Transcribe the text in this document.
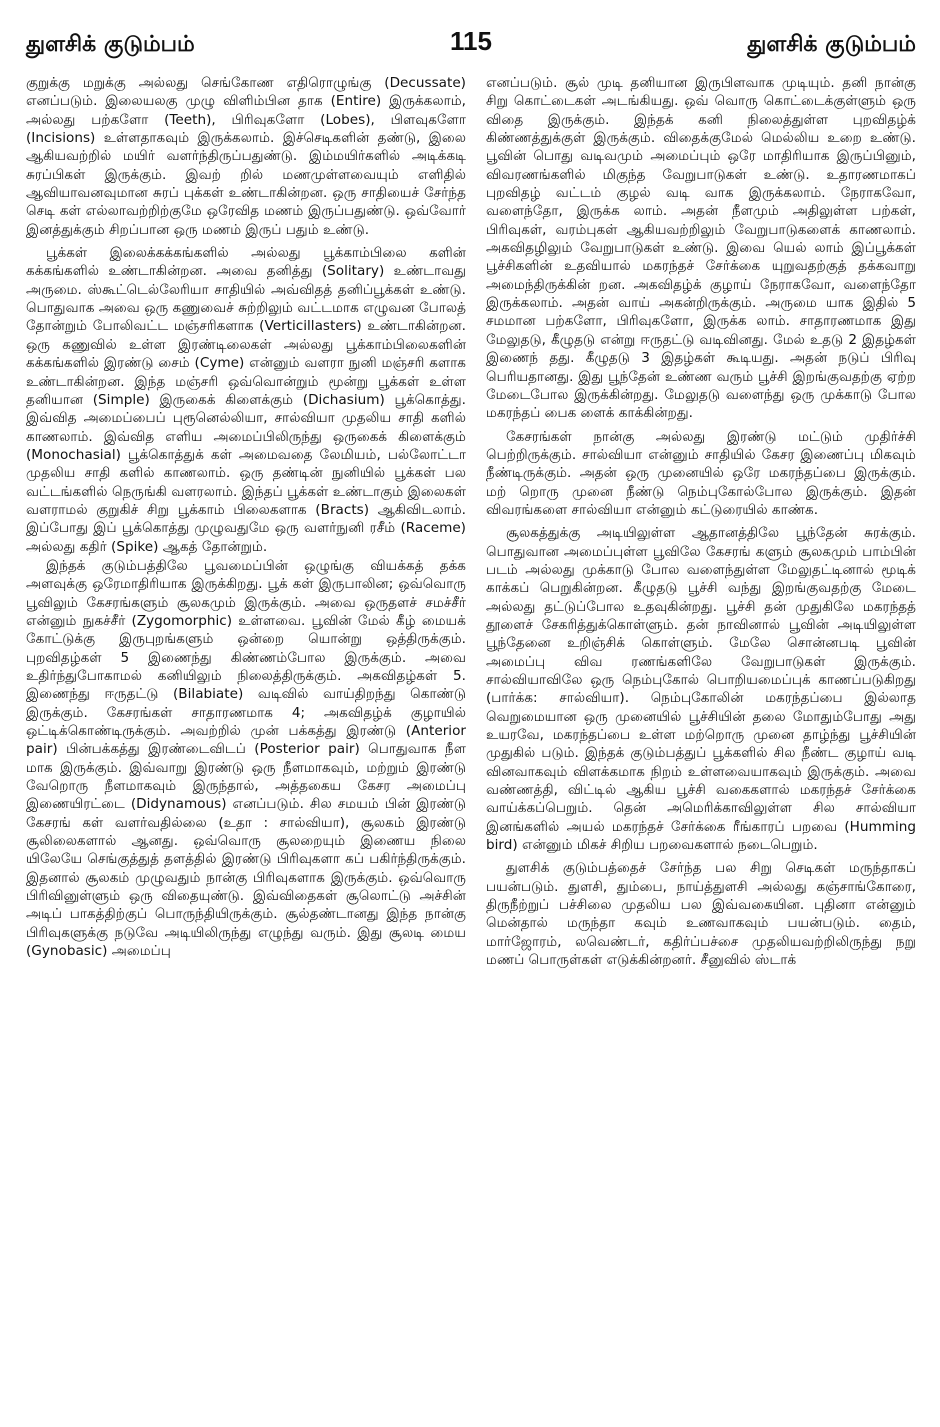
துளசிக் குடும்பம்	115	துளசிக் குடும்பம்

குறுக்கு மறுக்கு அல்லது செங்கோண எதிரொழுங்கு (Decussate) எனப்படும். இலையலகு முழு விளிம்பின தாக (Entire) இருக்கலாம், அல்லது பற்களோ (Teeth), பிரிவுகளோ (Lobes), பிளவுகளோ (Incisions) உள்ளதாகவும் இருக்கலாம். இச்செடிகளின் தண்டு, இலை ஆகியவற்றில் மயிர் வளர்ந்திருப்பதுண்டு. இம்மயிர்களில் அடிக்கடி சுரப்பிகள் இருக்கும். இவற் றில் மணமுள்ளவையும் எளிதில் ஆவியாவனவுமான சுரப் புக்கள் உண்டாகின்றன. ஒரு சாதியைச் சேர்ந்த செடி கள் எல்லாவற்றிற்குமே ஒரேவித மணம் இருப்பதுண்டு. ஒவ்வோர் இனத்துக்கும் சிறப்பான ஒரு மணம் இருப் பதும் உண்டு.

பூக்கள் இலைக்கக்கங்களில் அல்லது பூக்காம்பிலை களின் கக்கங்களில் உண்டாகின்றன. அவை தனித்து (Solitary) உண்டாவது அருமை. ஸ்கூட்டெல்லேரியா சாதியில் அவ்விதத் தனிப்பூக்கள் உண்டு. பொதுவாக அவை ஒரு கணுவைச் சுற்றிலும் வட்டமாக எழுவன போலத் தோன்றும் போலிவட்ட மஞ்சரிகளாக (Verticillasters) உண்டாகின்றன. ஒரு கணுவில் உள்ள இரண்டிலைகள் அல்லது பூக்காம்பிலைகளின் கக்கங்களில் இரண்டு சைம் (Cyme) என்னும் வளரா நுனி மஞ்சரி களாக உண்டாகின்றன. இந்த மஞ்சரி ஒவ்வொன்றும் மூன்று பூக்கள் உள்ள தனியான (Simple) இருகைக் கிளைக்கும் (Dichasium) பூக்கொத்து. இவ்வித அமைப்பைப் புரூனெல்லியா, சால்வியா முதலிய சாதி களில் காணலாம். இவ்வித எளிய அமைப்பிலிருந்து ஒருகைக் கிளைக்கும் (Monochasial) பூக்கொத்துக் கள் அமைவதை லேமியம், பல்லோட்டா முதலிய சாதி களில் காணலாம். ஒரு தண்டின் நுனியில் பூக்கள் பல வட்டங்களில் நெருங்கி வளரலாம். இந்தப் பூக்கள் உண்டாகும் இலைகள் வளராமல் குறுகிச் சிறு பூக்காம் பிலைகளாக (Bracts) ஆகிவிடலாம். இப்போது இப் பூக்கொத்து முழுவதுமே ஒரு வளர்நுனி ரசீம் (Raceme) அல்லது கதிர் (Spike) ஆகத் தோன்றும்.

இந்தக் குடும்பத்திலே பூவமைப்பின் ஒழுங்கு வியக்கத் தக்க அளவுக்கு ஒரேமாதிரியாக இருக்கிறது. பூக் கள் இருபாலின; ஒவ்வொரு பூவிலும் கேசரங்களும் சூலகமும் இருக்கும். அவை ஒருதளச் சமச்சீர் என்னும் நுகச்சீர் (Zygomorphic) உள்ளவை. பூவின் மேல் கீழ் மையக் கோட்டுக்கு இருபுறங்களும் ஒன்றை யொன்று ஒத்திருக்கும். புறவிதழ்கள் 5 இணைந்து கிண்ணம்போல இருக்கும். அவை உதிர்ந்துபோகாமல் கனியிலும் நிலைத்திருக்கும். அகவிதழ்கள் 5. இணைந்து ஈருதட்டு (Bilabiate) வடிவில் வாய்திறந்து கொண்டு இருக்கும். கேசரங்கள் சாதாரணமாக 4; அகவிதழ்க் குழாயில் ஒட்டிக்கொண்டிருக்கும். அவற்றில் முன் பக்கத்து இரண்டு (Anterior pair) பின்பக்கத்து இரண்டைவிடப் (Posterior pair) பொதுவாக நீள மாக இருக்கும். இவ்வாறு இரண்டு ஒரு நீளமாகவும், மற்றும் இரண்டு வேறொரு நீளமாகவும் இருந்தால், அத்தகைய கேசர அமைப்பு இணையிரட்டை (Didynamous) எனப்படும். சில சமயம் பின் இரண்டு கேசரங் கள் வளர்வதில்லை (உதா : சால்வியா), சூலகம் இரண்டு சூலிலைகளால் ஆனது. ஒவ்வொரு சூலறையும் இணைய நிலை யிலேயே செங்குத்துத் தளத்தில் இரண்டு பிரிவுகளா கப் பகிர்ந்திருக்கும். இதனால் சூலகம் முழுவதும் நான்கு பிரிவுகளாக இருக்கும். ஒவ்வொரு பிரிவினுள்ளும் ஒரு விதையுண்டு. இவ்விதைகள் சூலொட்டு அச்சின் அடிப் பாகத்திற்குப் பொருந்தியிருக்கும். சூல்தண்டானது இந்த நான்கு பிரிவுகளுக்கு நடுவே அடியிலிருந்து எழுந்து வரும். இது சூலடி மைய (Gynobasic) அமைப்பு

எனப்படும். சூல் முடி தனியான இருபிளவாக முடியும். தனி நான்கு சிறு கொட்டைகள் அடங்கியது. ஒவ் வொரு கொட்டைக்குள்ளும் ஒரு விதை இருக்கும். இந்தக் கனி நிலைத்துள்ள புறவிதழ்க் கிண்ணத்துக்குள் இருக்கும். விதைக்குமேல் மெல்லிய உறை உண்டு. பூவின் பொது வடிவமும் அமைப்பும் ஒரே மாதிரியாக இருப்பினும், விவரணங்களில் மிகுந்த வேறுபாடுகள் உண்டு. உதாரணமாகப் புறவிதழ் வட்டம் குழல் வடி வாக இருக்கலாம். நேராகவோ, வளைந்தோ, இருக்க லாம். அதன் நீளமும் அதிலுள்ள பற்கள், பிரிவுகள், வரம்புகள் ஆகியவற்றிலும் வேறுபாடுகளைக் காணலாம். அகவிதழிலும் வேறுபாடுகள் உண்டு. இவை யெல் லாம் இப்பூக்கள் பூச்சிகளின் உதவியால் மகரந்தச் சேர்க்கை யுறுவதற்குத் தக்கவாறு அமைந்திருக்கின் றன. அகவிதழ்க் குழாய் நேராகவோ, வளைந்தோ இருக்கலாம். அதன் வாய் அகன்றிருக்கும். அருமை யாக இதில் 5 சமமான பற்களோ, பிரிவுகளோ, இருக்க லாம். சாதாரணமாக இது மேலுதடு, கீழுதடு என்று ஈருதட்டு வடிவினது. மேல் உதடு 2 இதழ்கள் இணைந் தது. கீழுதடு 3 இதழ்கள் கூடியது. அதன் நடுப் பிரிவு பெரியதானது. இது பூந்தேன் உண்ண வரும் பூச்சி இறங்குவதற்கு ஏற்ற மேடைபோல இருக்கின்றது. மேலுதடு வளைந்து ஒரு முக்காடு போல மகரந்தப் பைக ளைக் காக்கின்றது.

கேசரங்கள் நான்கு அல்லது இரண்டு மட்டும் முதிர்ச்சி பெற்றிருக்கும். சால்வியா என்னும் சாதியில் கேசர இணைப்பு மிகவும் நீண்டிருக்கும். அதன் ஒரு முனையில் ஒரே மகரந்தப்பை இருக்கும். மற் றொரு முனை நீண்டு நெம்புகோல்போல இருக்கும். இதன் விவரங்களை சால்வியா என்னும் கட்டுரையில் காண்க.

சூலகத்துக்கு அடியிலுள்ள ஆதானத்திலே பூந்தேன் சுரக்கும். பொதுவான அமைப்புள்ள பூவிலே கேசரங் களும் சூலகமும் பாம்பின் படம் அல்லது முக்காடு போல வளைந்துள்ள மேலுதட்டினால் மூடிக் காக்கப் பெறுகின்றன. கீழுதடு பூச்சி வந்து இறங்குவதற்கு மேடை அல்லது தட்டுப்போல உதவுகின்றது. பூச்சி தன் முதுகிலே மகரந்தத் தூளைச் சேகரித்துக்கொள்ளும். தன் நாவினால் பூவின் அடியிலுள்ள பூந்தேனை உறிஞ்சிக் கொள்ளும். மேலே சொன்னபடி பூவின் அமைப்பு விவ ரணங்களிலே வேறுபாடுகள் இருக்கும். சால்வியாவிலே ஒரு நெம்புகோல் பொறியமைப்புக் காணப்படுகிறது (பார்க்க: சால்வியா). நெம்புகோலின் மகரந்தப்பை இல்லாத வெறுமையான ஒரு முனையில் பூச்சியின் தலை மோதும்போது அது உயரவே, மகரந்தப்பை உள்ள மற்றொரு முனை தாழ்ந்து பூச்சியின் முதுகில் படும். இந்தக் குடும்பத்துப் பூக்களில் சில நீண்ட குழாய் வடி வினவாகவும் விளக்கமாக நிறம் உள்ளவையாகவும் இருக்கும். அவை வண்ணத்தி, விட்டில் ஆகிய பூச்சி வகைகளால் மகரந்தச் சேர்க்கை வாய்க்கப்பெறும். தென் அமெரிக்காவிலுள்ள சில சால்வியா இனங்களில் அயல் மகரந்தச் சேர்க்கை ரீங்காரப் பறவை (Humming bird) என்னும் மிகச் சிறிய பறவைகளால் நடைபெறும்.

துளசிக் குடும்பத்தைச் சேர்ந்த பல சிறு செடிகள் மருந்தாகப் பயன்படும். துளசி, தும்பை, நாய்த்துளசி அல்லது கஞ்சாங்கோரை, திருநீற்றுப் பச்சிலை முதலிய பல இவ்வகையின. புதினா என்னும் மென்தால் மருந்தா கவும் உணவாகவும் பயன்படும். தைம், மார்ஜோரம், லவெண்டர், கதிர்ப்பச்சை முதலியவற்றிலிருந்து நறு மணப் பொருள்கள் எடுக்கின்றனர். சீனுவில் ஸ்டாக்
